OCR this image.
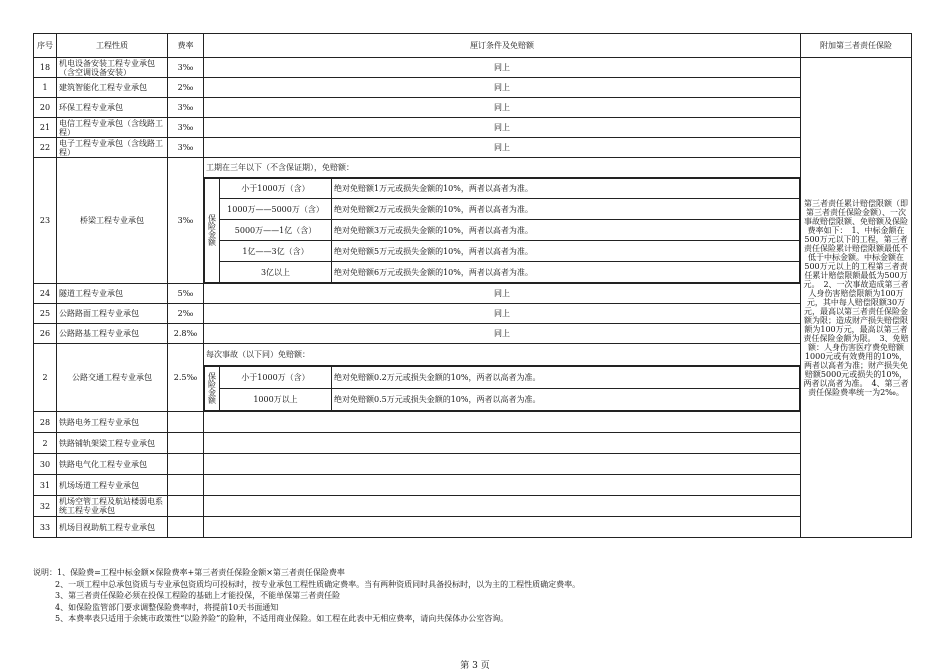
序号	工程性质	费率	厘订条件及免赔额	附加第三者责任保险
18	机电设备安装工程专业承包（含空调设备安装）	3‰	同上	第三者责任累计赔偿限额（即第三者责任保险金额）、一次事故赔偿限额、免赔额及保险费率如下：　1、中标金额在500万元以下的工程，第三者责任保险累计赔偿限额最低不低于中标金额。中标金额在500万元以上的工程第三者责任累计赔偿限额最低为500万元。　2、一次事故造成第三者人身伤害赔偿限额为100万元，其中每人赔偿限额30万元，最高以第三者责任保险金额为限；造成财产损失赔偿限额为100万元，最高以第三者责任保险金额为限。　3、免赔额：人身伤害医疗费免赔额1000元或有效费用的10%，两者以高者为准；财产损失免赔额5000元或损失的10%，两者以高者为准。　4、第三者责任保险费率统一为2‰。
1	建筑智能化工程专业承包	2‰	同上
20	环保工程专业承包	3‰	同上
21	电信工程专业承包（含线路工程）	3‰	同上
22	电子工程专业承包（含线路工程）	3‰	同上
23	桥梁工程专业承包	3‰	工期在三年以下（不含保证期），免赔额：

保险金额	小于1000万（含）	绝对免赔额1万元或损失金额的10%，两者以高者为准。
1000万——5000万（含）	绝对免赔额2万元或损失金额的10%，两者以高者为准。
5000万——1亿（含）	绝对免赔额3万元或损失金额的10%，两者以高者为准。
1亿——3亿（含）	绝对免赔额5万元或损失金额的10%，两者以高者为准。
3亿以上	绝对免赔额6万元或损失金额的10%，两者以高者为准。

24	隧道工程专业承包	5‰	同上
25	公路路面工程专业承包	2‰	同上
26	公路路基工程专业承包	2.8‰	同上
2	公路交通工程专业承包	2.5‰	每次事故（以下同）免赔额：

保险金额	小于1000万（含）	绝对免赔额0.2万元或损失金额的10%，两者以高者为准。
1000万以上	绝对免赔额0.5万元或损失金额的10%，两者以高者为准。

28	铁路电务工程专业承包		
2	铁路铺轨架梁工程专业承包		
30	铁路电气化工程专业承包		
31	机场场道工程专业承包		
32	机场空管工程及航站楼弱电系统工程专业承包		
33	机场目视助航工程专业承包		
说明：1、保险费=工程中标金额×保险费率+第三者责任保险金额×第三者责任保险费率
2、一项工程中总承包资质与专业承包资质均可投标时，按专业承包工程性质确定费率。当有两种资质同时具备投标时，以为主的工程性质确定费率。
3、第三者责任保险必须在投保工程险的基础上才能投保，不能单保第三者责任险
4、如保险监管部门要求调整保险费率时，将提前10天书面通知
5、本费率表只适用于余姚市政策性“以险养险”的险种，不适用商业保险。如工程在此表中无相应费率，请向共保体办公室咨询。
第 3 页
